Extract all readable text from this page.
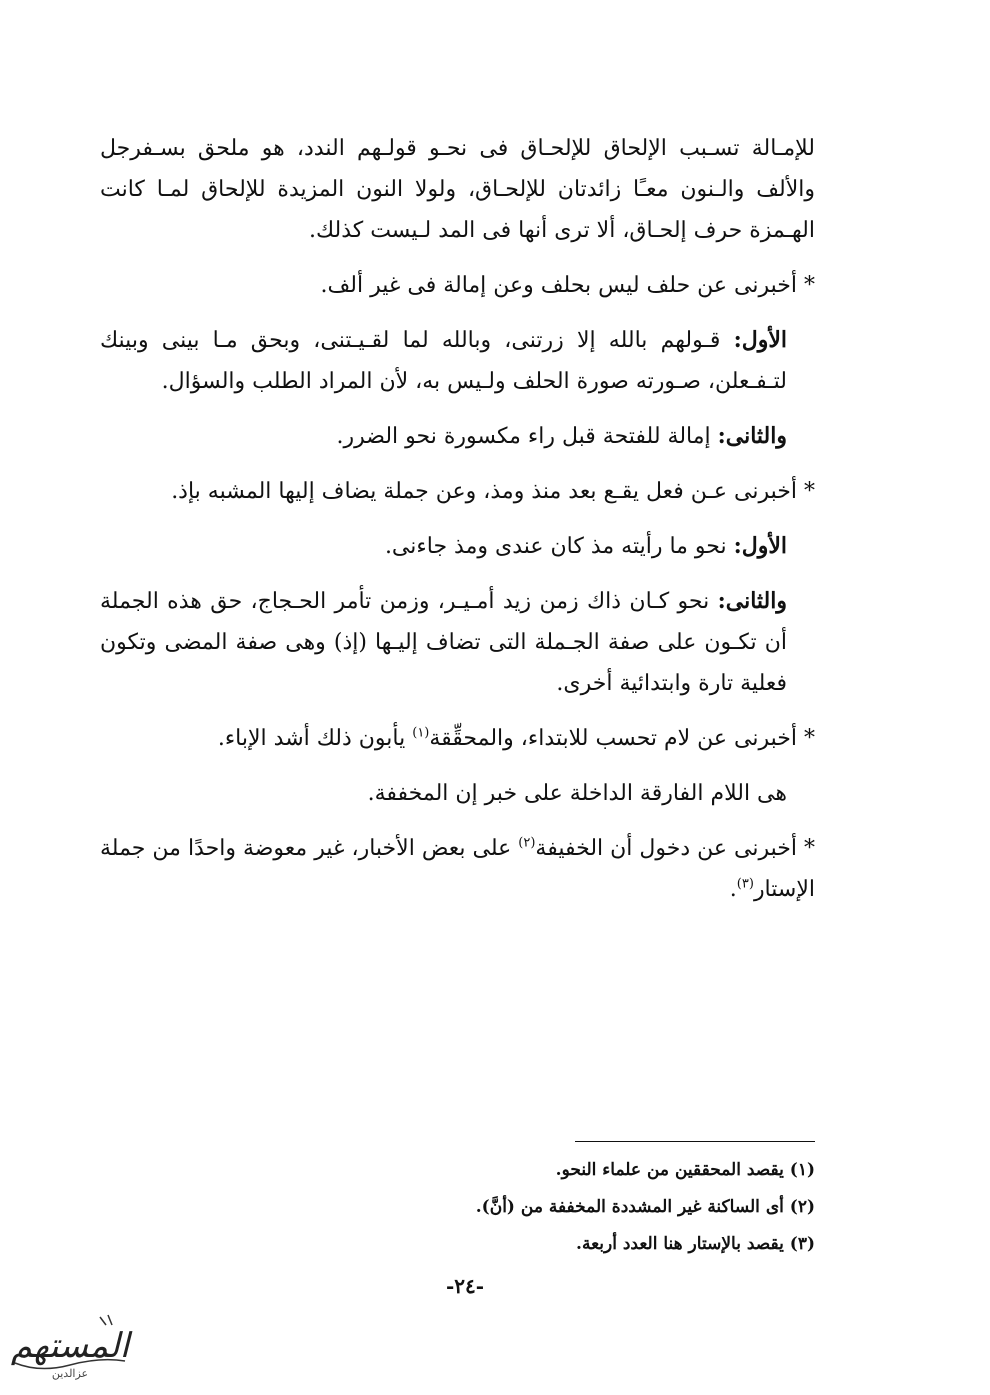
للإمـالة تسـبب الإلحاق للإلحـاق فى نحـو قولـهم الندد، هو ملحق بسـفرجل والألف والـنون معـًا زائدتان للإلحـاق، ولولا النون المزيدة للإلحاق لمـا كانت الهـمزة حرف إلحـاق، ألا ترى أنها فى المد لـيست كذلك.

* أخبرنى عن حلف ليس بحلف وعن إمالة فى غير ألف.

الأول: قـولهم بالله إلا زرتنى، وبالله لما لقـيـتنى، وبحق مـا بينى وبينك لتـفـعلن، صـورته صورة الحلف ولـيس به، لأن المراد الطلب والسؤال.

والثانى: إمالة للفتحة قبل راء مكسورة نحو الضرر.

* أخبرنى عـن فعل يقـع بعد منذ ومذ، وعن جملة يضاف إليها المشبه بإذ.

الأول: نحو ما رأيته مذ كان عندى ومذ جاءنى.

والثانى: نحو كـان ذاك زمن زيد أمـيـر، وزمن تأمر الحـجاج، حق هذه الجملة أن تكـون على صفة الجـملة التى تضاف إليـها (إذ) وهى صفة المضى وتكون فعلية تارة وابتدائية أخرى.

* أخبرنى عن لام تحسب للابتداء، والمحقِّقة$^{(١)}$ يأبون ذلك أشد الإباء.

هى اللام الفارقة الداخلة على خبر إن المخففة.

* أخبرنى عن دخول أن الخفيفة$^{(٢)}$ على بعض الأخبار، غير معوضة واحدًا من جملة الإستار$^{(٣)}$.

(١) يقصد المحققين من علماء النحو.

(٢) أى الساكنة غير المشددة المخففة من (أنَّ).

(٣) يقصد بالإستار هنا العدد أربعة.

-٢٤-
المستهم
عزالدين
